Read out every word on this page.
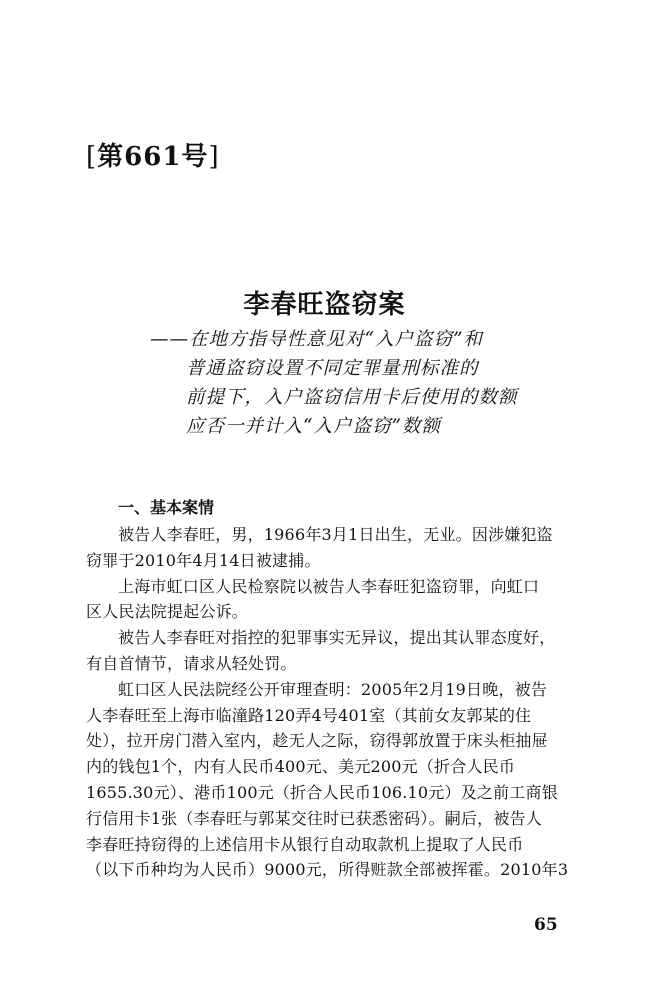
[第661号]
李春旺盗窃案
——在地方指导性意见对“入户盗窃”和
普通盗窃设置不同定罪量刑标准的
前提下，入户盗窃信用卡后使用的数额
应否一并计入“入户盗窃”数额
一、基本案情
被告人李春旺，男，1966年3月1日出生，无业。因涉嫌犯盗
窃罪于2010年4月14日被逮捕。
上海市虹口区人民检察院以被告人李春旺犯盗窃罪，向虹口
区人民法院提起公诉。
被告人李春旺对指控的犯罪事实无异议，提出其认罪态度好，
有自首情节，请求从轻处罚。
虹口区人民法院经公开审理查明：2005年2月19日晚，被告
人李春旺至上海市临潼路120弄4号401室（其前女友郭某的住
处），拉开房门潜入室内，趁无人之际，窃得郭放置于床头柜抽屉
内的钱包1个，内有人民币400元、美元200元（折合人民币
1655.30元）、港币100元（折合人民币106.10元）及之前工商银
行信用卡1张（李春旺与郭某交往时已获悉密码）。嗣后，被告人
李春旺持窃得的上述信用卡从银行自动取款机上提取了人民币
（以下币种均为人民币）9000元，所得赃款全部被挥霍。2010年3
65
